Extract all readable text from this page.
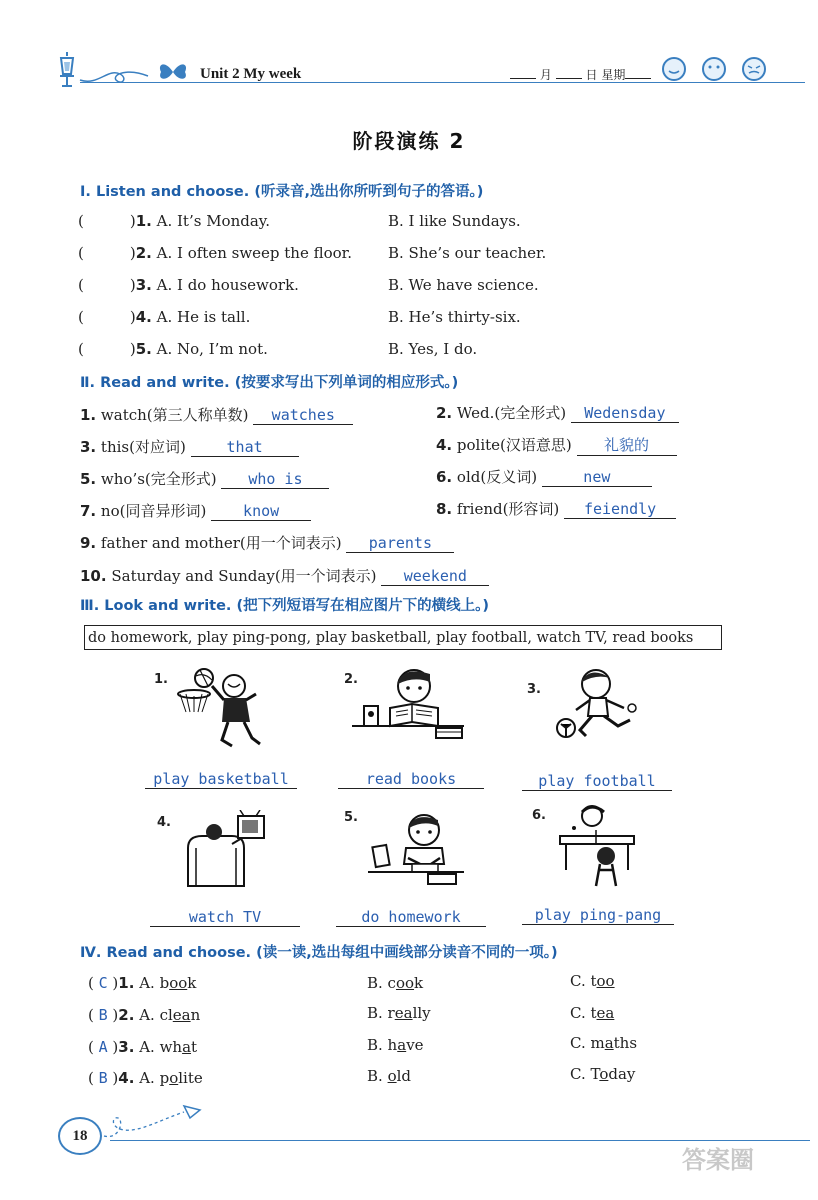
Unit 2 My week	月	日 星期
阶段演练 2
Ⅰ. Listen and choose. (听录音,选出你所听到句子的答语。)
(	)1. A. It’s Monday.	B. I like Sundays.
(	)2. A. I often sweep the floor. B. She’s our teacher.
(	)3. A. I do housework.	B. We have science.
(	)4. A. He is tall.	B. He’s thirty-six.
(	)5. A. No, I’m not.	B. Yes, I do.
Ⅱ. Read and write. (按要求写出下列单词的相应形式。)
1. watch(第三人称单数) watches	2. Wed.(完全形式) Wedensday
3. this(对应词)	that	4. polite(汉语意思) 礼貌的
5. who’s(完全形式) who is	6. old(反义词)	new
7. no(同音异形词) know	8. friend(形容词) feiendly
9. father and mother(用一个词表示) parents
10. Saturday and Sunday(用一个词表示) weekend
Ⅲ. Look and write. (把下列短语写在相应图片下的横线上。)
do homework, play ping-pong, play basketball, play football, watch TV, read books
1.	2.
3.
play basketball	read books	play football
4.	5.	6.
watch TV	do homework	play ping-pang
Ⅳ. Read and choose. (读一读,选出每组中画线部分读音不同的一项。)
( C )1. A. book	B. cook	C. too
( B )2. A. clean	B. really	C. tea
( A )3. A. what	B. have	C. maths
( B )4. A. polite	B. old	C. Today
18
答案圈
